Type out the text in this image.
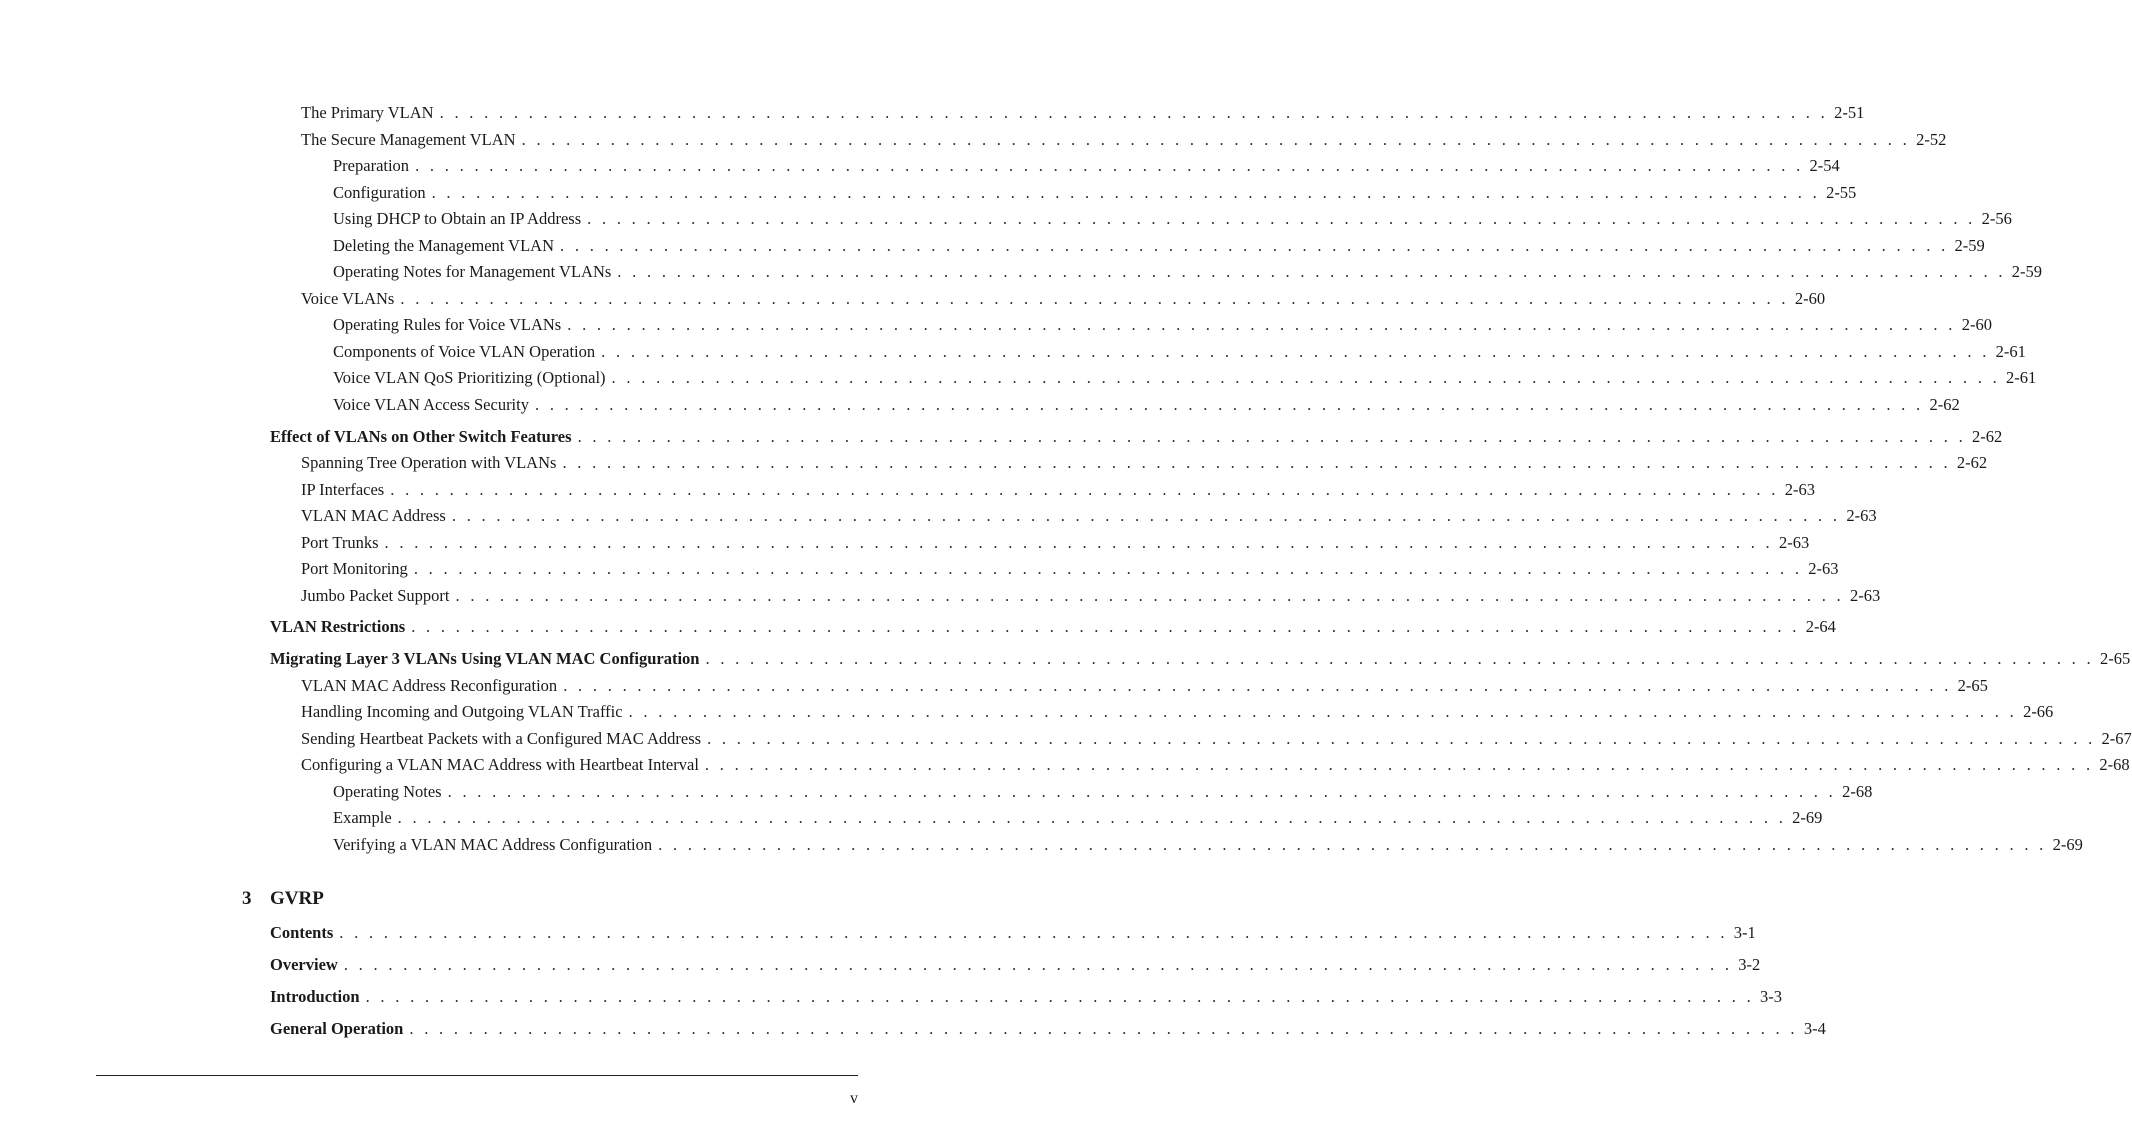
3 GVRP
v
The Primary VLAN . . . . . . . . . . . . . . . . . . . . . . . . . . . . . . . . . . . . . . . . . . . . . . . . . . . . . . . . . . . . . . . . . . . . . . . . . . . . . . . . . . . . . . . . . . . . . . 2-51
The Secure Management VLAN . . . . . . . . . . . . . . . . . . . . . . . . . . . . . . . . . . . . . . . . . . . . . . . . . . . . . . . . . . . . . . . . . . . . . . . . . . . . . . . . . . . . . . . . . . . . . . 2-52
Preparation . . . . . . . . . . . . . . . . . . . . . . . . . . . . . . . . . . . . . . . . . . . . . . . . . . . . . . . . . . . . . . . . . . . . . . . . . . . . . . . . . . . . . . . . . . . . . . 2-54
Configuration . . . . . . . . . . . . . . . . . . . . . . . . . . . . . . . . . . . . . . . . . . . . . . . . . . . . . . . . . . . . . . . . . . . . . . . . . . . . . . . . . . . . . . . . . . . . . . 2-55
Using DHCP to Obtain an IP Address . . . . . . . . . . . . . . . . . . . . . . . . . . . . . . . . . . . . . . . . . . . . . . . . . . . . . . . . . . . . . . . . . . . . . . . . . . . . . . . . . . . . . . . . . . . . . . 2-56
Deleting the Management VLAN . . . . . . . . . . . . . . . . . . . . . . . . . . . . . . . . . . . . . . . . . . . . . . . . . . . . . . . . . . . . . . . . . . . . . . . . . . . . . . . . . . . . . . . . . . . . . . 2-59
Operating Notes for Management VLANs . . . . . . . . . . . . . . . . . . . . . . . . . . . . . . . . . . . . . . . . . . . . . . . . . . . . . . . . . . . . . . . . . . . . . . . . . . . . . . . . . . . . . . . . . . . . . . 2-59
Voice VLANs . . . . . . . . . . . . . . . . . . . . . . . . . . . . . . . . . . . . . . . . . . . . . . . . . . . . . . . . . . . . . . . . . . . . . . . . . . . . . . . . . . . . . . . . . . . . . . 2-60
Operating Rules for Voice VLANs . . . . . . . . . . . . . . . . . . . . . . . . . . . . . . . . . . . . . . . . . . . . . . . . . . . . . . . . . . . . . . . . . . . . . . . . . . . . . . . . . . . . . . . . . . . . . . 2-60
Components of Voice VLAN Operation . . . . . . . . . . . . . . . . . . . . . . . . . . . . . . . . . . . . . . . . . . . . . . . . . . . . . . . . . . . . . . . . . . . . . . . . . . . . . . . . . . . . . . . . . . . . . . 2-61
Voice VLAN QoS Prioritizing (Optional) . . . . . . . . . . . . . . . . . . . . . . . . . . . . . . . . . . . . . . . . . . . . . . . . . . . . . . . . . . . . . . . . . . . . . . . . . . . . . . . . . . . . . . . . . . . . . . 2-61
Voice VLAN Access Security . . . . . . . . . . . . . . . . . . . . . . . . . . . . . . . . . . . . . . . . . . . . . . . . . . . . . . . . . . . . . . . . . . . . . . . . . . . . . . . . . . . . . . . . . . . . . . 2-62
Effect of VLANs on Other Switch Features . . . . . . . . . . . . . . . . . . . . . . . . . . . . . . . . . . . . . . . . . . . . . . . . . . . . . . . . . . . . . . . . . . . . . . . . . . . . . . . . . . . . . . . . . . . . . . 2-62
Spanning Tree Operation with VLANs . . . . . . . . . . . . . . . . . . . . . . . . . . . . . . . . . . . . . . . . . . . . . . . . . . . . . . . . . . . . . . . . . . . . . . . . . . . . . . . . . . . . . . . . . . . . . . 2-62
IP Interfaces . . . . . . . . . . . . . . . . . . . . . . . . . . . . . . . . . . . . . . . . . . . . . . . . . . . . . . . . . . . . . . . . . . . . . . . . . . . . . . . . . . . . . . . . . . . . . . 2-63
VLAN MAC Address . . . . . . . . . . . . . . . . . . . . . . . . . . . . . . . . . . . . . . . . . . . . . . . . . . . . . . . . . . . . . . . . . . . . . . . . . . . . . . . . . . . . . . . . . . . . . . 2-63
Port Trunks . . . . . . . . . . . . . . . . . . . . . . . . . . . . . . . . . . . . . . . . . . . . . . . . . . . . . . . . . . . . . . . . . . . . . . . . . . . . . . . . . . . . . . . . . . . . . . 2-63
Port Monitoring . . . . . . . . . . . . . . . . . . . . . . . . . . . . . . . . . . . . . . . . . . . . . . . . . . . . . . . . . . . . . . . . . . . . . . . . . . . . . . . . . . . . . . . . . . . . . . 2-63
Jumbo Packet Support . . . . . . . . . . . . . . . . . . . . . . . . . . . . . . . . . . . . . . . . . . . . . . . . . . . . . . . . . . . . . . . . . . . . . . . . . . . . . . . . . . . . . . . . . . . . . . 2-63
VLAN Restrictions . . . . . . . . . . . . . . . . . . . . . . . . . . . . . . . . . . . . . . . . . . . . . . . . . . . . . . . . . . . . . . . . . . . . . . . . . . . . . . . . . . . . . . . . . . . . . . 2-64
Migrating Layer 3 VLANs Using VLAN MAC Configuration . . . . . . . . . . . . . . . . . . . . . . . . . . . . . . . . . . . . . . . . . . . . . . . . . . . . . . . . . . . . . . . . . . . . . . . . . . . . . . . . . . . . . . . . . . . . . . 2-65
VLAN MAC Address Reconfiguration . . . . . . . . . . . . . . . . . . . . . . . . . . . . . . . . . . . . . . . . . . . . . . . . . . . . . . . . . . . . . . . . . . . . . . . . . . . . . . . . . . . . . . . . . . . . . . 2-65
Handling Incoming and Outgoing VLAN Traffic . . . . . . . . . . . . . . . . . . . . . . . . . . . . . . . . . . . . . . . . . . . . . . . . . . . . . . . . . . . . . . . . . . . . . . . . . . . . . . . . . . . . . . . . . . . . . . 2-66
Sending Heartbeat Packets with a Configured MAC Address . . . . . . . . . . . . . . . . . . . . . . . . . . . . . . . . . . . . . . . . . . . . . . . . . . . . . . . . . . . . . . . . . . . . . . . . . . . . . . . . . . . . . . . . . . . . . . 2-67
Configuring a VLAN MAC Address with Heartbeat Interval . . . . . . . . . . . . . . . . . . . . . . . . . . . . . . . . . . . . . . . . . . . . . . . . . . . . . . . . . . . . . . . . . . . . . . . . . . . . . . . . . . . . . . . . . . . . . . 2-68
Operating Notes . . . . . . . . . . . . . . . . . . . . . . . . . . . . . . . . . . . . . . . . . . . . . . . . . . . . . . . . . . . . . . . . . . . . . . . . . . . . . . . . . . . . . . . . . . . . . . 2-68
Example . . . . . . . . . . . . . . . . . . . . . . . . . . . . . . . . . . . . . . . . . . . . . . . . . . . . . . . . . . . . . . . . . . . . . . . . . . . . . . . . . . . . . . . . . . . . . . 2-69
Verifying a VLAN MAC Address Configuration . . . . . . . . . . . . . . . . . . . . . . . . . . . . . . . . . . . . . . . . . . . . . . . . . . . . . . . . . . . . . . . . . . . . . . . . . . . . . . . . . . . . . . . . . . . . . . 2-69
Contents . . . . . . . . . . . . . . . . . . . . . . . . . . . . . . . . . . . . . . . . . . . . . . . . . . . . . . . . . . . . . . . . . . . . . . . . . . . . . . . . . . . . . . . . . . . . . . 3-1
Overview . . . . . . . . . . . . . . . . . . . . . . . . . . . . . . . . . . . . . . . . . . . . . . . . . . . . . . . . . . . . . . . . . . . . . . . . . . . . . . . . . . . . . . . . . . . . . . 3-2
Introduction . . . . . . . . . . . . . . . . . . . . . . . . . . . . . . . . . . . . . . . . . . . . . . . . . . . . . . . . . . . . . . . . . . . . . . . . . . . . . . . . . . . . . . . . . . . . . . 3-3
General Operation . . . . . . . . . . . . . . . . . . . . . . . . . . . . . . . . . . . . . . . . . . . . . . . . . . . . . . . . . . . . . . . . . . . . . . . . . . . . . . . . . . . . . . . . . . . . . . 3-4
